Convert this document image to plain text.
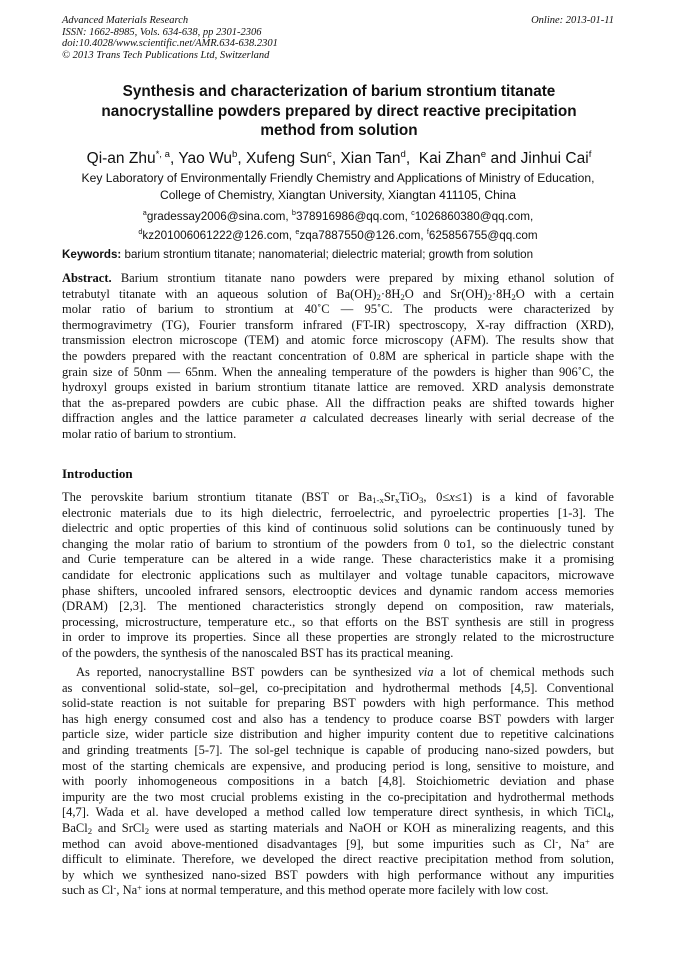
Advanced Materials Research
ISSN: 1662-8985, Vols. 634-638, pp 2301-2306
doi:10.4028/www.scientific.net/AMR.634-638.2301
© 2013 Trans Tech Publications Ltd, Switzerland
Online: 2013-01-11
Synthesis and characterization of barium strontium titanate
nanocrystalline powders prepared by direct reactive precipitation
method from solution
Qi-an Zhu$^{*, a}$, Yao Wu$^b$, Xufeng Sun$^c$, Xian Tan$^d$,  Kai Zhan$^e$ and Jinhui Cai$^f$
Key Laboratory of Environmentally Friendly Chemistry and Applications of Ministry of Education,
College of Chemistry, Xiangtan University, Xiangtan 411105, China
$^a$gradessay2006@sina.com, $^b$378916986@qq.com, $^c$1026860380@qq.com,
$^d$kz201006061222@126.com, $^e$zqa7887550@126.com, $^f$625856755@qq.com
Keywords: barium strontium titanate; nanomaterial; dielectric material; growth from solution
Abstract. Barium strontium titanate nano powders were prepared by mixing ethanol solution of
tetrabutyl titanate with an aqueous solution of $Ba(OH)_2\cdot 8H_2O$ and $Sr(OH)_2\cdot 8H_2O$ with a certain
molar ratio of barium to strontium at 40˚C — 95˚C. The products were characterized by
thermogravimetry (TG), Fourier transform infrared (FT-IR) spectroscopy, X-ray diffraction (XRD),
transmission electron microscope (TEM) and atomic force microscopy (AFM). The results show that
the powders prepared with the reactant concentration of 0.8M are spherical in particle shape with the
grain size of 50nm — 65nm. When the annealing temperature of the powders is higher than 906˚C, the
hydroxyl groups existed in barium strontium titanate lattice are removed. XRD analysis demonstrate
that the as-prepared powders are cubic phase. All the diffraction peaks are shifted towards higher
diffraction angles and the lattice parameter a calculated decreases linearly with serial decrease of the
molar ratio of barium to strontium.
Introduction
The perovskite barium strontium titanate (BST or $Ba_{1-x}Sr_xTiO_3$, 0≤x≤1) is a kind of favorable
electronic materials due to its high dielectric, ferroelectric, and pyroelectric properties [1-3]. The
dielectric and optic properties of this kind of continuous solid solutions can be continuously tuned by
changing the molar ratio of barium to strontium of the powders from 0 to1, so the dielectric constant
and Curie temperature can be altered in a wide range. These characteristics make it a promising
candidate for electronic applications such as multilayer and voltage tunable capacitors, microwave
phase shifters, uncooled infrared sensors, electrooptic devices and dynamic random access memories
(DRAM) [2,3]. The mentioned characteristics strongly depend on composition, raw materials,
processing, microstructure, temperature etc., so that efforts on the BST synthesis are still in progress
in order to improve its properties. Since all these properties are strongly related to the microstructure
of the powders, the synthesis of the nanoscaled BST has its practical meaning.
As reported, nanocrystalline BST powders can be synthesized via a lot of chemical methods such
as conventional solid-state, sol–gel, co-precipitation and hydrothermal methods [4,5]. Conventional
solid-state reaction is not suitable for preparing BST powders with high performance. This method
has high energy consumed cost and also has a tendency to produce coarse BST powders with larger
particle size, wider particle size distribution and higher impurity content due to repetitive calcinations
and grinding treatments [5-7]. The sol-gel technique is capable of producing nano-sized powders, but
most of the starting chemicals are expensive, and producing period is long, sensitive to moisture, and
with poorly inhomogeneous compositions in a batch [4,8]. Stoichiometric deviation and phase
impurity are the two most crucial problems existing in the co-precipitation and hydrothermal methods
[4,7]. Wada et al. have developed a method called low temperature direct synthesis, in which TiCl$_4$,
BaCl$_2$ and SrCl$_2$ were used as starting materials and NaOH or KOH as mineralizing reagents, and this
method can avoid above-mentioned disadvantages [9], but some impurities such as Cl-, Na+ are
difficult to eliminate. Therefore, we developed the direct reactive precipitation method from solution,
by which we synthesized nano-sized BST powders with high performance without any impurities
such as Cl-, Na+ ions at normal temperature, and this method operate more facilely with low cost.
